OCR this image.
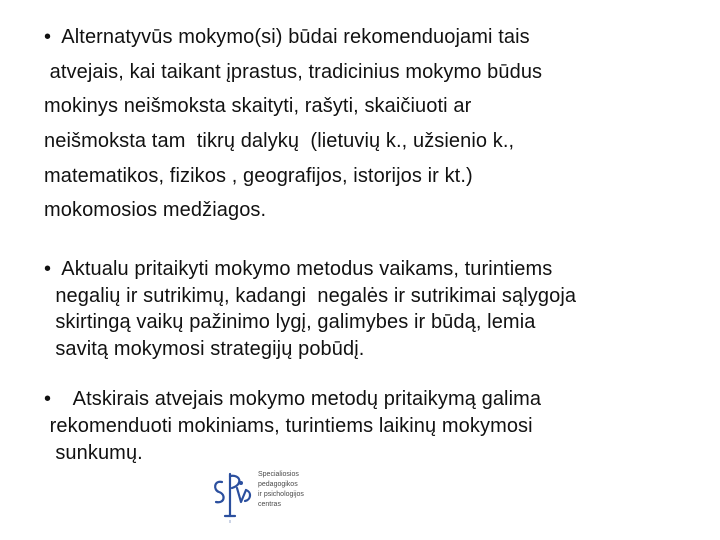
•  Alternatyvūs mokymo(si) būdai rekomenduojami tais
atvejais, kai taikant įprastus, tradicinius mokymo būdus
mokinys neišmoksta skaityti, rašyti, skaičiuoti ar
neišmoksta tam  tikrų dalykų  (lietuvių k., užsienio k.,
matematikos, fizikos , geografijos, istorijos ir kt.)
mokomosios medžiagos.
•  Aktualu pritaikyti mokymo metodus vaikams, turintiems
negalių ir sutrikimų, kadangi  negalės ir sutrikimai sąlygoja
skirtingą vaikų pažinimo lygį, galimybes ir būdą, lemia
savitą mokymosi strategijų pobūdį.
•    Atskirais atvejais mokymo metodų pritaikymą galima
rekomenduoti mokiniams, turintiems laikinų mokymosi
sunkumų.
Specialiosios
pedagogikos
ir psichologijos
centras
